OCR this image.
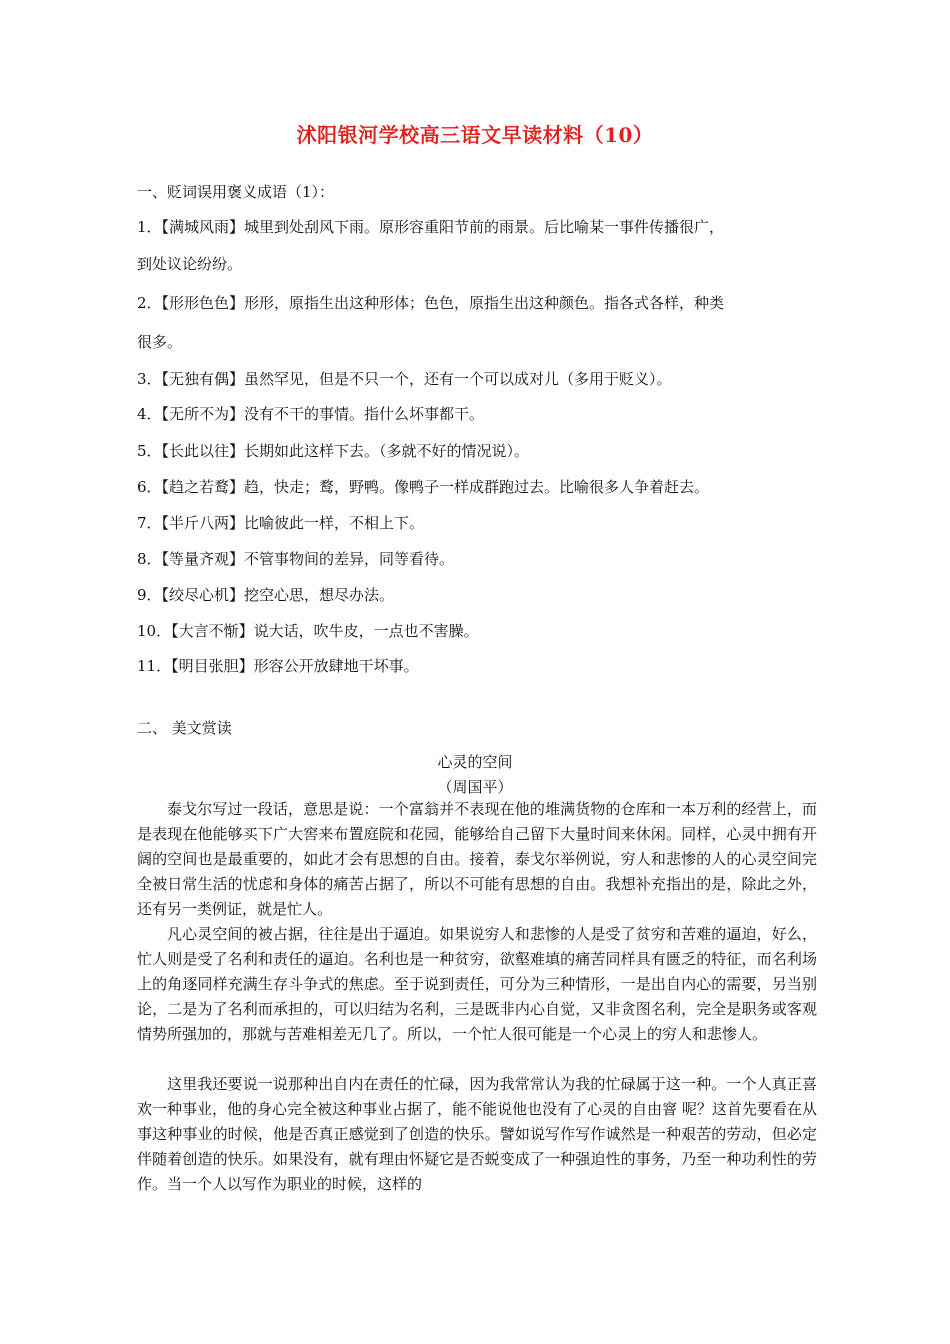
沭阳银河学校高三语文早读材料（10）
一、贬词误用褒义成语（1）：
1．【满城风雨】城里到处刮风下雨。原形容重阳节前的雨景。后比喻某一事件传播很广，
到处议论纷纷。
2．【形形色色】形形，原指生出这种形体；色色，原指生出这种颜色。指各式各样，种类
很多。
3．【无独有偶】虽然罕见，但是不只一个，还有一个可以成对儿（多用于贬义）。
4．【无所不为】没有不干的事情。指什么坏事都干。
5．【长此以往】长期如此这样下去。（多就不好的情况说）。
6．【趋之若鹜】趋，快走；鹜，野鸭。像鸭子一样成群跑过去。比喻很多人争着赶去。
7．【半斤八两】比喻彼此一样，不相上下。
8．【等量齐观】不管事物间的差异，同等看待。
9．【绞尽心机】挖空心思，想尽办法。
10．【大言不惭】说大话，吹牛皮，一点也不害臊。
11．【明目张胆】形容公开放肆地干坏事。
二、 美文赏读
心灵的空间
（周国平）
泰戈尔写过一段话，意思是说：一个富翁并不表现在他的堆满货物的仓库和一本万利的经营上，而是表现在他能够买下广大窖来布置庭院和花园，能够给自己留下大量时间来休闲。同样，心灵中拥有开阔的空间也是最重要的，如此才会有思想的自由。接着，泰戈尔举例说，穷人和悲惨的人的心灵空间完全被日常生活的忧虑和身体的痛苦占据了，所以不可能有思想的自由。我想补充指出的是，除此之外，还有另一类例证，就是忙人。
凡心灵空间的被占据，往往是出于逼迫。如果说穷人和悲惨的人是受了贫穷和苦难的逼迫，好么，忙人则是受了名利和责任的逼迫。名利也是一种贫穷，欲壑难填的痛苦同样具有匮乏的特征，而名利场上的角逐同样充满生存斗争式的焦虑。至于说到责任，可分为三种情形，一是出自内心的需要，另当别论，二是为了名利而承担的，可以归结为名利，三是既非内心自觉，又非贪图名利，完全是职务或客观情势所强加的，那就与苦难相差无几了。所以，一个忙人很可能是一个心灵上的穷人和悲惨人。
这里我还要说一说那种出自内在责任的忙碌，因为我常常认为我的忙碌属于这一种。一个人真正喜欢一种事业，他的身心完全被这种事业占据了，能不能说他也没有了心灵的自由窨 呢？这首先要看在从事这种事业的时候，他是否真正感觉到了创造的快乐。譬如说写作写作诚然是一种艰苦的劳动，但必定伴随着创造的快乐。如果没有，就有理由怀疑它是否蜕变成了一种强迫性的事务，乃至一种功利性的劳作。当一个人以写作为职业的时候，这样的
